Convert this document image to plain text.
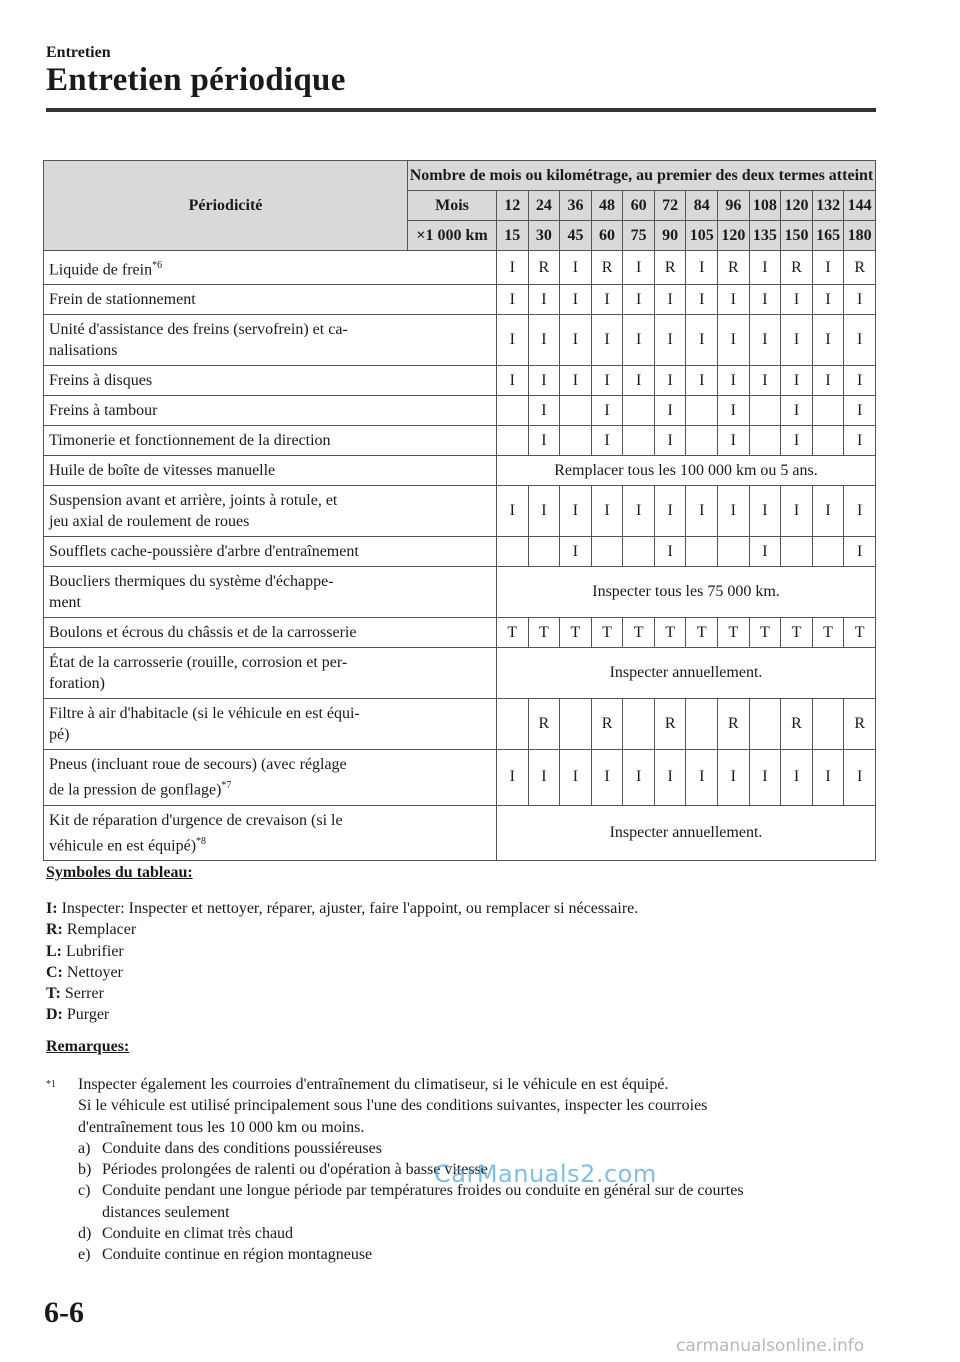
Entretien
Entretien périodique
Périodicité	Nombre de mois ou kilométrage, au premier des deux termes atteint												
	Mois	12	24	36	48	60	72	84	96	108	120	132	144
	×1 000 km	15	30	45	60	75	90	105	120	135	150	165	180
Liquide de frein$^{*6}$		I	R	I	R	I	R	I	R	I	R	I	R
Frein de stationnement		I	I	I	I	I	I	I	I	I	I	I	I
Unité d'assistance des freins (servofrein) et ca-
nalisations		I	I	I	I	I	I	I	I	I	I	I	I
Freins à disques		I	I	I	I	I	I	I	I	I	I	I	I
Freins à tambour			I		I		I		I		I		I
Timonerie et fonctionnement de la direction			I		I		I		I		I		I
Huile de boîte de vitesses manuelle		Remplacer tous les 100 000 km ou 5 ans.											
Suspension avant et arrière, joints à rotule, et
jeu axial de roulement de roues		I	I	I	I	I	I	I	I	I	I	I	I
Soufflets cache-poussière d'arbre d'entraînement				I			I			I			I
Boucliers thermiques du système d'échappe-
ment		Inspecter tous les 75 000 km.											
Boulons et écrous du châssis et de la carrosserie		T	T	T	T	T	T	T	T	T	T	T	T
État de la carrosserie (rouille, corrosion et per-
foration)		Inspecter annuellement.											
Filtre à air d'habitacle (si le véhicule en est équi-
pé)			R		R		R		R		R		R
Pneus (incluant roue de secours) (avec réglage
de la pression de gonflage)$^{*7}$		I	I	I	I	I	I	I	I	I	I	I	I
Kit de réparation d'urgence de crevaison (si le
véhicule en est équipé)$^{*8}$		Inspecter annuellement.											
Symboles du tableau:
I: Inspecter: Inspecter et nettoyer, réparer, ajuster, faire l'appoint, ou remplacer si nécessaire.
R: Remplacer
L: Lubrifier
C: Nettoyer
T: Serrer
D: Purger
Remarques:
$^{*1}$ Inspecter également les courroies d'entraînement du climatiseur, si le véhicule en est équipé.
Si le véhicule est utilisé principalement sous l'une des conditions suivantes, inspecter les courroies
d'entraînement tous les 10 000 km ou moins.
a) Conduite dans des conditions poussiéreuses
b) Périodes prolongées de ralenti ou d'opération à basse vitesse
c) Conduite pendant une longue période par températures froides ou conduite en général sur de courtes distances seulement
d) Conduite en climat très chaud
e) Conduite continue en région montagneuse
CarManuals2.com
6-6
carmanualsonline.info
